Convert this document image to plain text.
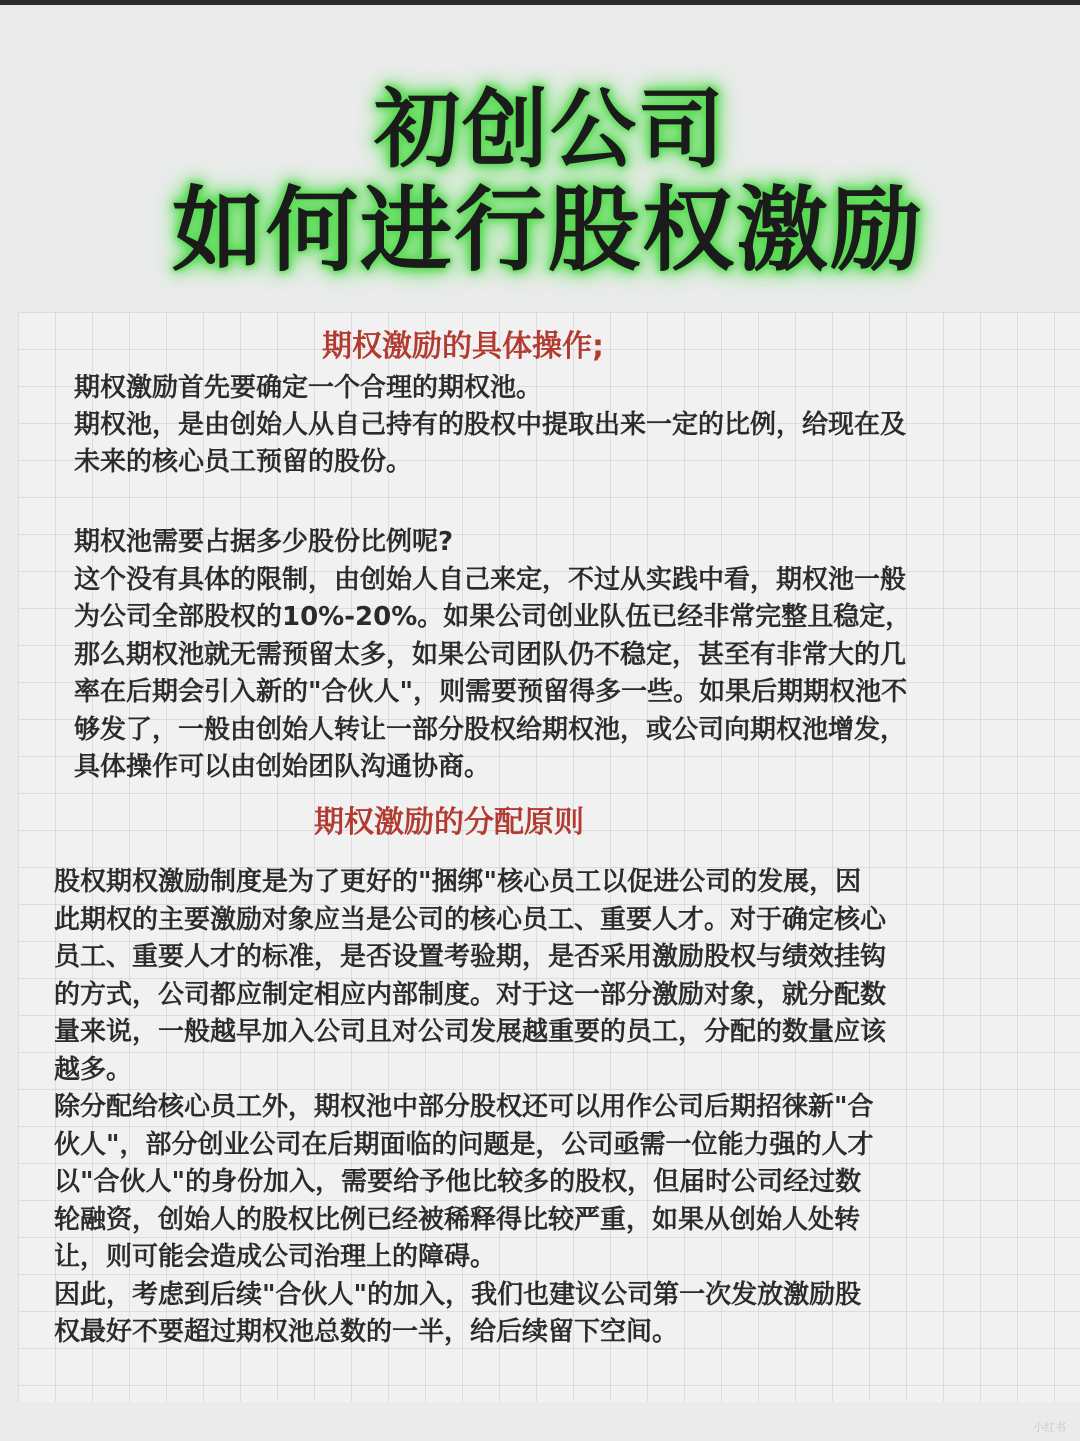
初创公司
如何进行股权激励
期权激励的具体操作;
期权激励首先要确定一个合理的期权池。
期权池，是由创始人从自己持有的股权中提取出来一定的比例，给现在及
未来的核心员工预留的股份。
期权池需要占据多少股份比例呢?
这个没有具体的限制，由创始人自己来定，不过从实践中看，期权池一般
为公司全部股权的10%-20%。如果公司创业队伍已经非常完整且稳定，
那么期权池就无需预留太多，如果公司团队仍不稳定，甚至有非常大的几
率在后期会引入新的"合伙人"，则需要预留得多一些。如果后期期权池不
够发了，一般由创始人转让一部分股权给期权池，或公司向期权池增发，
具体操作可以由创始团队沟通协商。
期权激励的分配原则
股权期权激励制度是为了更好的"捆绑"核心员工以促进公司的发展，因
此期权的主要激励对象应当是公司的核心员工、重要人才。对于确定核心
员工、重要人才的标准，是否设置考验期，是否采用激励股权与绩效挂钩
的方式，公司都应制定相应内部制度。对于这一部分激励对象，就分配数
量来说，一般越早加入公司且对公司发展越重要的员工，分配的数量应该
越多。
除分配给核心员工外，期权池中部分股权还可以用作公司后期招徕新"合
伙人"，部分创业公司在后期面临的问题是，公司亟需一位能力强的人才
以"合伙人"的身份加入，需要给予他比较多的股权，但届时公司经过数
轮融资，创始人的股权比例已经被稀释得比较严重，如果从创始人处转
让，则可能会造成公司治理上的障碍。
因此，考虑到后续"合伙人"的加入，我们也建议公司第一次发放激励股
权最好不要超过期权池总数的一半，给后续留下空间。
小红书
